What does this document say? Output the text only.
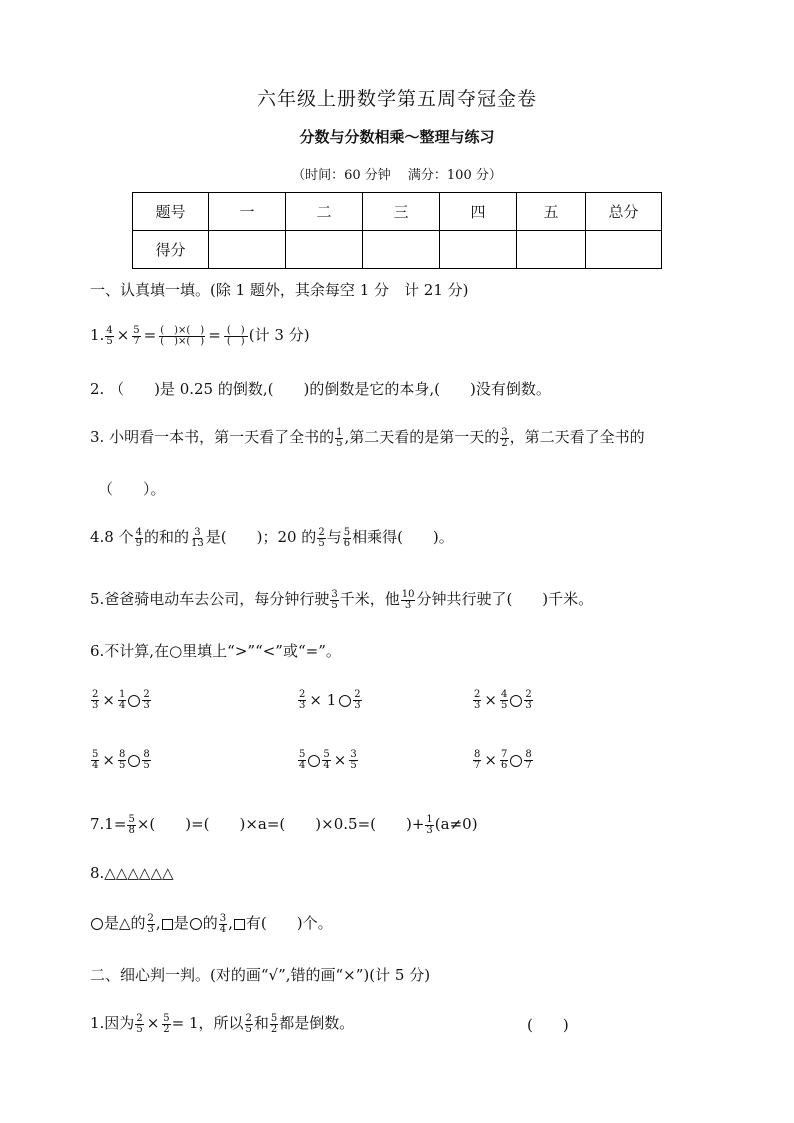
六年级上册数学第五周夺冠金卷
分数与分数相乘～整理与练习
（时间：60 分钟　 满分：100 分）
题号	一	二	三	四	五	总分
得分						
一、认真填一填。(除 1 题外，其余每空 1 分　计 21 分)
1. $\frac{4}{5} \times \frac{5}{7} = \frac{( )\times( )}{( )\times( )} = \frac{( )}{( )}$ (计 3 分)
2. （　　)是 0.25 的倒数,(　　)的倒数是它的本身,(　　)没有倒数。
3. 小明看一本书，第一天看了全书的 $\frac{1}{5}$ ,第二天看的是第一天的 $\frac{3}{2}$ ，第二天看了全书的
（　　）。
4.8 个 $\frac{4}{9}$ 的和的 $\frac{3}{13}$ 是(　　)；20 的 $\frac{2}{5}$ 与 $\frac{5}{6}$ 相乘得(　　)。
5.爸爸骑电动车去公司，每分钟行驶 $\frac{3}{5}$ 千米，他 $\frac{10}{3}$ 分钟共行驶了(　　)千米。
6.不计算,在○里填上“>”“<”或“=”。
$\frac{2}{3} \times \frac{1}{4} \frac{2}{3}$	$\frac{2}{3} \times 1 \frac{2}{3}$	$\frac{2}{3} \times \frac{4}{5} \frac{2}{3}$
$\frac{5}{4} \times \frac{8}{5} \frac{8}{5}$	$\frac{5}{4} \frac{5}{4} \times \frac{3}{5}$	$\frac{8}{7} \times \frac{7}{6} \frac{8}{7}$
$7.1= \frac{5}{8}$ ×(　　)=(　　)×a=(　　)×0.5=(　　)+ $\frac{1}{3} (a\ne 0)$
8.△△△△△△
是△的 $\frac{2}{3}$ , 是 的 $\frac{3}{4}$ , 有(　　)个。
二、细心判一判。(对的画“√”,错的画“×”)(计 5 分)
1.因为 $\frac{2}{5} \times \frac{5}{2} = 1$，所以 $\frac{2}{5}$ 和 $\frac{5}{2}$ 都是倒数。	(　　)
